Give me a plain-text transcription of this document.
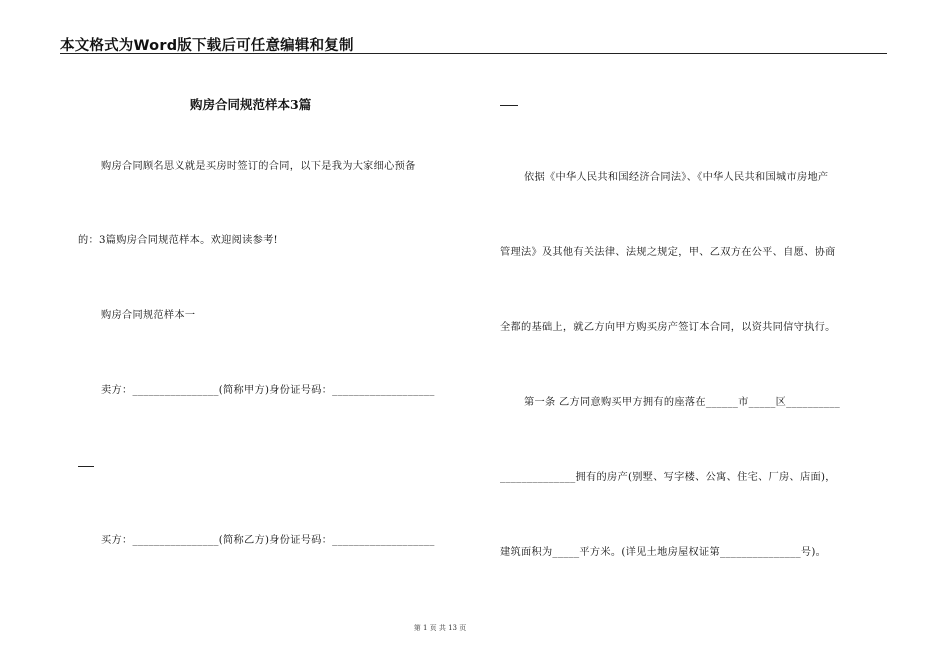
本文格式为Word版下载后可任意编辑和复制
购房合同规范样本3篇
购房合同顾名思义就是买房时签订的合同，以下是我为大家细心预备
的：3篇购房合同规范样本。欢迎阅读参考!
购房合同规范样本一
卖方：________________(简称甲方)身份证号码：___________________
买方：________________(简称乙方)身份证号码：___________________
依据《中华人民共和国经济合同法》、《中华人民共和国城市房地产
管理法》及其他有关法律、法规之规定，甲、乙双方在公平、自愿、协商
全都的基础上，就乙方向甲方购买房产签订本合同，以资共同信守执行。
第一条 乙方同意购买甲方拥有的座落在______市_____区__________
______________拥有的房产(别墅、写字楼、公寓、住宅、厂房、店面)，
建筑面积为_____平方米。(详见土地房屋权证第_______________号)。
第 1 页 共 13 页
